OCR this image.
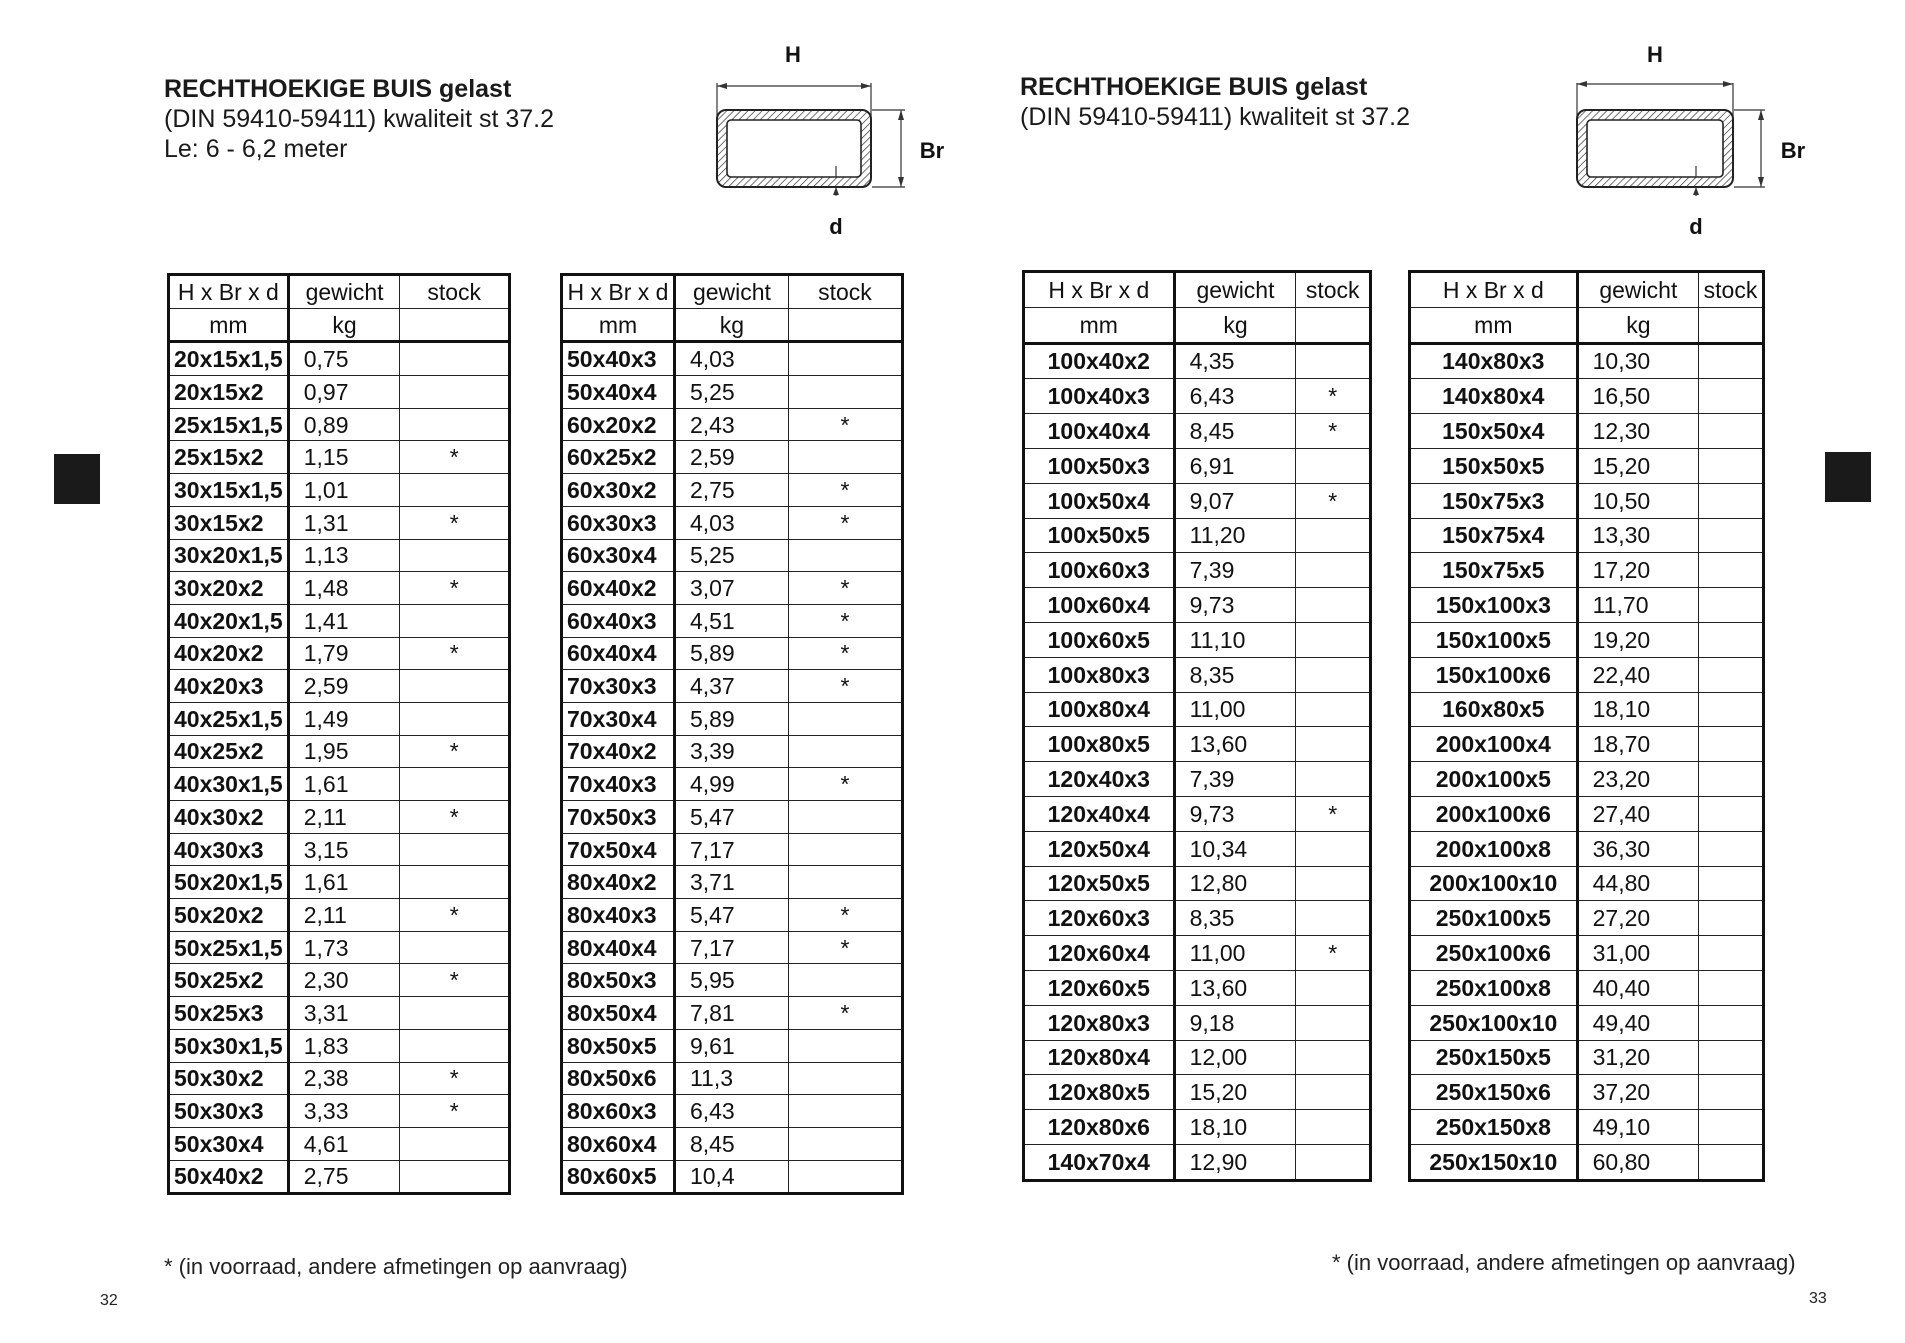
RECHTHOEKIGE BUIS gelast
(DIN 59410-59411) kwaliteit st 37.2
Le: 6 - 6,2 meter
H
Br
d
H x Br x d	gewicht	stock
mm	kg	
20x15x1,5	0,75	
20x15x2	0,97	
25x15x1,5	0,89	
25x15x2	1,15	*
30x15x1,5	1,01	
30x15x2	1,31	*
30x20x1,5	1,13	
30x20x2	1,48	*
40x20x1,5	1,41	
40x20x2	1,79	*
40x20x3	2,59	
40x25x1,5	1,49	
40x25x2	1,95	*
40x30x1,5	1,61	
40x30x2	2,11	*
40x30x3	3,15	
50x20x1,5	1,61	
50x20x2	2,11	*
50x25x1,5	1,73	
50x25x2	2,30	*
50x25x3	3,31	
50x30x1,5	1,83	
50x30x2	2,38	*
50x30x3	3,33	*
50x30x4	4,61	
50x40x2	2,75	
H x Br x d	gewicht	stock
mm	kg	
50x40x3	4,03	
50x40x4	5,25	
60x20x2	2,43	*
60x25x2	2,59	
60x30x2	2,75	*
60x30x3	4,03	*
60x30x4	5,25	
60x40x2	3,07	*
60x40x3	4,51	*
60x40x4	5,89	*
70x30x3	4,37	*
70x30x4	5,89	
70x40x2	3,39	
70x40x3	4,99	*
70x50x3	5,47	
70x50x4	7,17	
80x40x2	3,71	
80x40x3	5,47	*
80x40x4	7,17	*
80x50x3	5,95	
80x50x4	7,81	*
80x50x5	9,61	
80x50x6	11,3	
80x60x3	6,43	
80x60x4	8,45	
80x60x5	10,4	
* (in voorraad, andere afmetingen op aanvraag)
32
RECHTHOEKIGE BUIS gelast
(DIN 59410-59411) kwaliteit st 37.2
H
Br
d
H x Br x d	gewicht	stock
mm	kg	
100x40x2	4,35	
100x40x3	6,43	*
100x40x4	8,45	*
100x50x3	6,91	
100x50x4	9,07	*
100x50x5	11,20	
100x60x3	7,39	
100x60x4	9,73	
100x60x5	11,10	
100x80x3	8,35	
100x80x4	11,00	
100x80x5	13,60	
120x40x3	7,39	
120x40x4	9,73	*
120x50x4	10,34	
120x50x5	12,80	
120x60x3	8,35	
120x60x4	11,00	*
120x60x5	13,60	
120x80x3	9,18	
120x80x4	12,00	
120x80x5	15,20	
120x80x6	18,10	
140x70x4	12,90	
H x Br x d	gewicht	stock
mm	kg	
140x80x3	10,30	
140x80x4	16,50	
150x50x4	12,30	
150x50x5	15,20	
150x75x3	10,50	
150x75x4	13,30	
150x75x5	17,20	
150x100x3	11,70	
150x100x5	19,20	
150x100x6	22,40	
160x80x5	18,10	
200x100x4	18,70	
200x100x5	23,20	
200x100x6	27,40	
200x100x8	36,30	
200x100x10	44,80	
250x100x5	27,20	
250x100x6	31,00	
250x100x8	40,40	
250x100x10	49,40	
250x150x5	31,20	
250x150x6	37,20	
250x150x8	49,10	
250x150x10	60,80	
* (in voorraad, andere afmetingen op aanvraag)
33
